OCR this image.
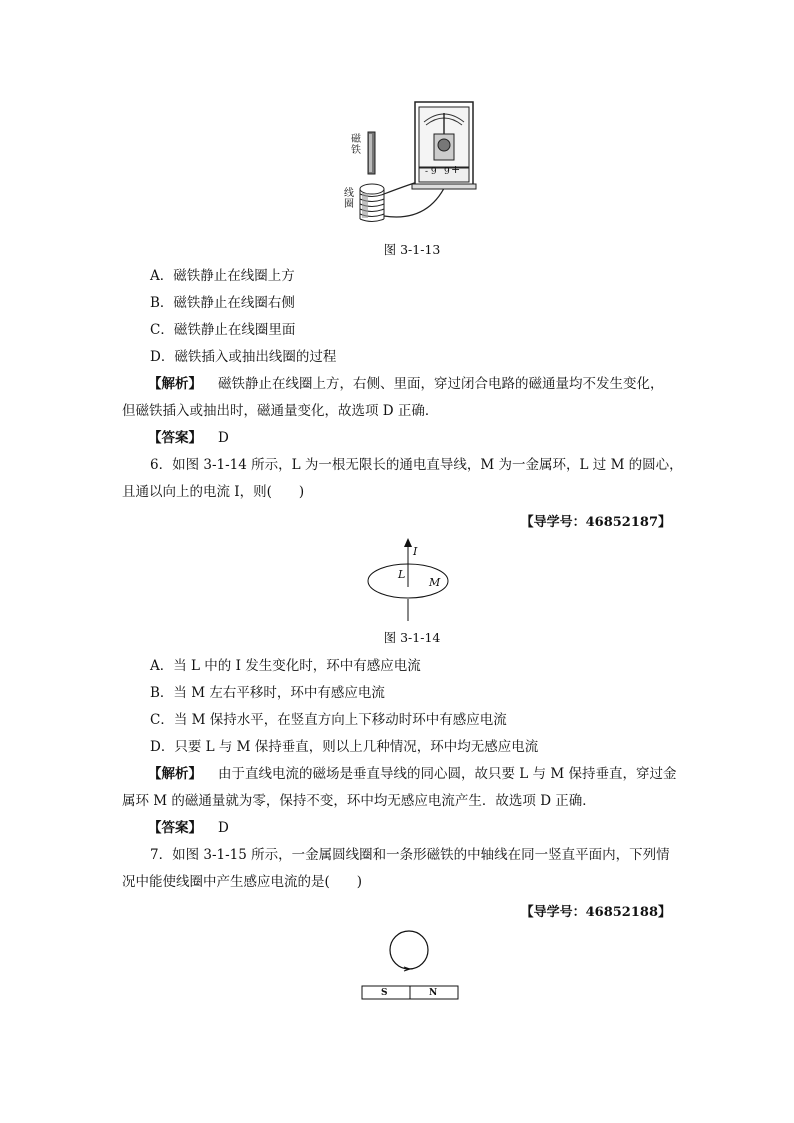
磁铁
线圈
- 9 9 +
图 3-1-13
A．磁铁静止在线圈上方
B．磁铁静止在线圈右侧
C．磁铁静止在线圈里面
D．磁铁插入或抽出线圈的过程
【解析】 磁铁静止在线圈上方，右侧、里面，穿过闭合电路的磁通量均不发生变化，
但磁铁插入或抽出时，磁通量变化，故选项 D 正确．
【答案】 D
6．如图 3-1-14 所示，L 为一根无限长的通电直导线，M 为一金属环，L 过 M 的圆心，
且通以向上的电流 I，则(　　)
【导学号：46852187】
I
L
M
图 3-1-14
A．当 L 中的 I 发生变化时，环中有感应电流
B．当 M 左右平移时，环中有感应电流
C．当 M 保持水平，在竖直方向上下移动时环中有感应电流
D．只要 L 与 M 保持垂直，则以上几种情况，环中均无感应电流
【解析】 由于直线电流的磁场是垂直导线的同心圆，故只要 L 与 M 保持垂直，穿过金
属环 M 的磁通量就为零，保持不变，环中均无感应电流产生．故选项 D 正确．
【答案】 D
7．如图 3-1-15 所示，一金属圆线圈和一条形磁铁的中轴线在同一竖直平面内，下列情
况中能使线圈中产生感应电流的是(　　)
【导学号：46852188】
S	N
